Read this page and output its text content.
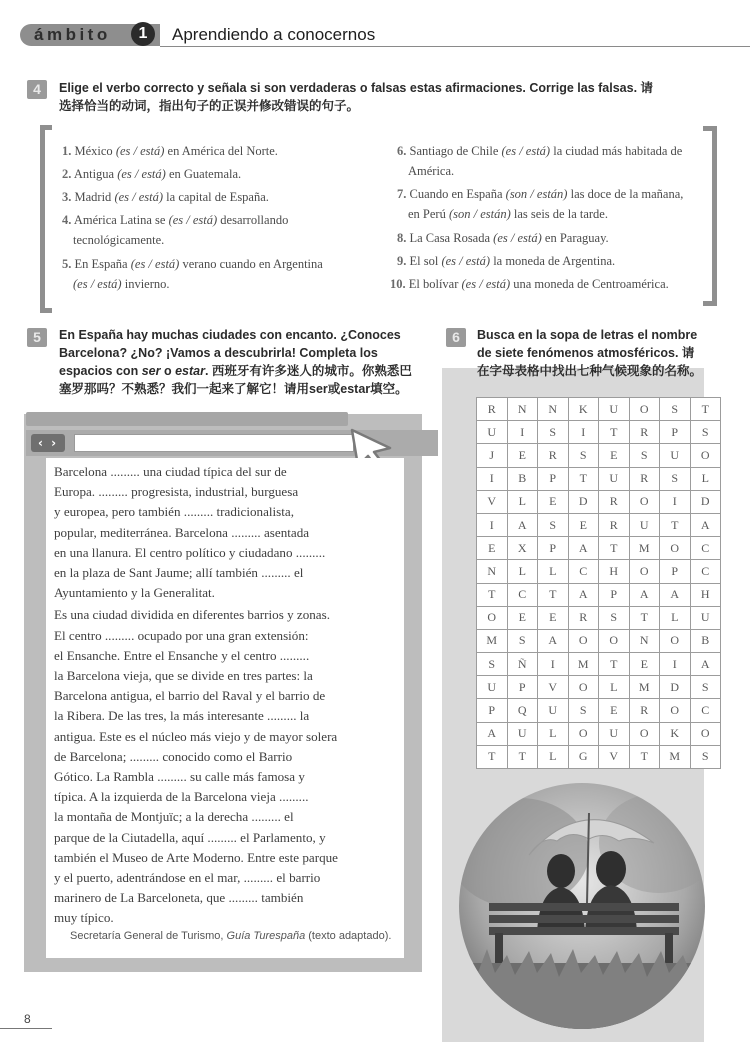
ámbito	1	Aprendiendo a conocernos
4	Elige el verbo correcto y señala si son verdaderas o falsas estas afirmaciones. Corrige las falsas. 请
选择恰当的动词，指出句子的正误并修改错误的句子。
1. México (es / está) en América del Norte.
2. Antigua (es / está) en Guatemala.
3. Madrid (es / está) la capital de España.
4. América Latina se (es / está) desarrollando
tecnológicamente.
5. En España (es / está) verano cuando en Argentina
(es / está) invierno.
6. Santiago de Chile (es / está) la ciudad más habitada de
América.
7. Cuando en España (son / están) las doce de la mañana,
en Perú (son / están) las seis de la tarde.
8. La Casa Rosada (es / está) en Paraguay.
9. El sol (es / está) la moneda de Argentina.
10. El bolívar (es / está) una moneda de Centroamérica.
5	En España hay muchas ciudades con encanto. ¿Conoces
Barcelona? ¿No? ¡Vamos a descubrirla! Completa los
espacios con ser o estar. 西班牙有许多迷人的城市。你熟悉巴
塞罗那吗？不熟悉？我们一起来了解它！请用ser或estar填空。
‹ ›

Barcelona ......... una ciudad típica del sur de
Europa. ......... progresista, industrial, burguesa
y europea, pero también ......... tradicionalista,
popular, mediterránea. Barcelona ......... asentada
en una llanura. El centro político y ciudadano .........
en la plaza de Sant Jaume; allí también ......... el
Ayuntamiento y la Generalitat.

Es una ciudad dividida en diferentes barrios y zonas.
El centro ......... ocupado por una gran extensión:
el Ensanche. Entre el Ensanche y el centro .........
la Barcelona vieja, que se divide en tres partes: la
Barcelona antigua, el barrio del Raval y el barrio de
la Ribera. De las tres, la más interesante ......... la
antigua. Este es el núcleo más viejo y de mayor solera
de Barcelona; ......... conocido como el Barrio
Gótico. La Rambla ......... su calle más famosa y
típica. A la izquierda de la Barcelona vieja .........
la montaña de Montjuïc; a la derecha ......... el
parque de la Ciutadella, aquí ......... el Parlamento, y
también el Museo de Arte Moderno. Entre este parque
y el puerto, adentrándose en el mar, ......... el barrio
marinero de La Barceloneta, que ......... también
muy típico.

Secretaría General de Turismo, Guía Turespaña (texto adaptado).
6	Busca en la sopa de letras el nombre
de siete fenómenos atmosféricos. 请
在字母表格中找出七种气候现象的名称。
R	N	N	K	U	O	S	T
U	I	S	I	T	R	P	S
J	E	R	S	E	S	U	O
I	B	P	T	U	R	S	L
V	L	E	D	R	O	I	D
I	A	S	E	R	U	T	A
E	X	P	A	T	M	O	C
N	L	L	C	H	O	P	C
T	C	T	A	P	A	A	H
O	E	E	R	S	T	L	U
M	S	A	O	O	N	O	B
S	Ñ	I	M	T	E	I	A
U	P	V	O	L	M	D	S
P	Q	U	S	E	R	O	C
A	U	L	O	U	O	K	O
T	T	L	G	V	T	M	S
8
